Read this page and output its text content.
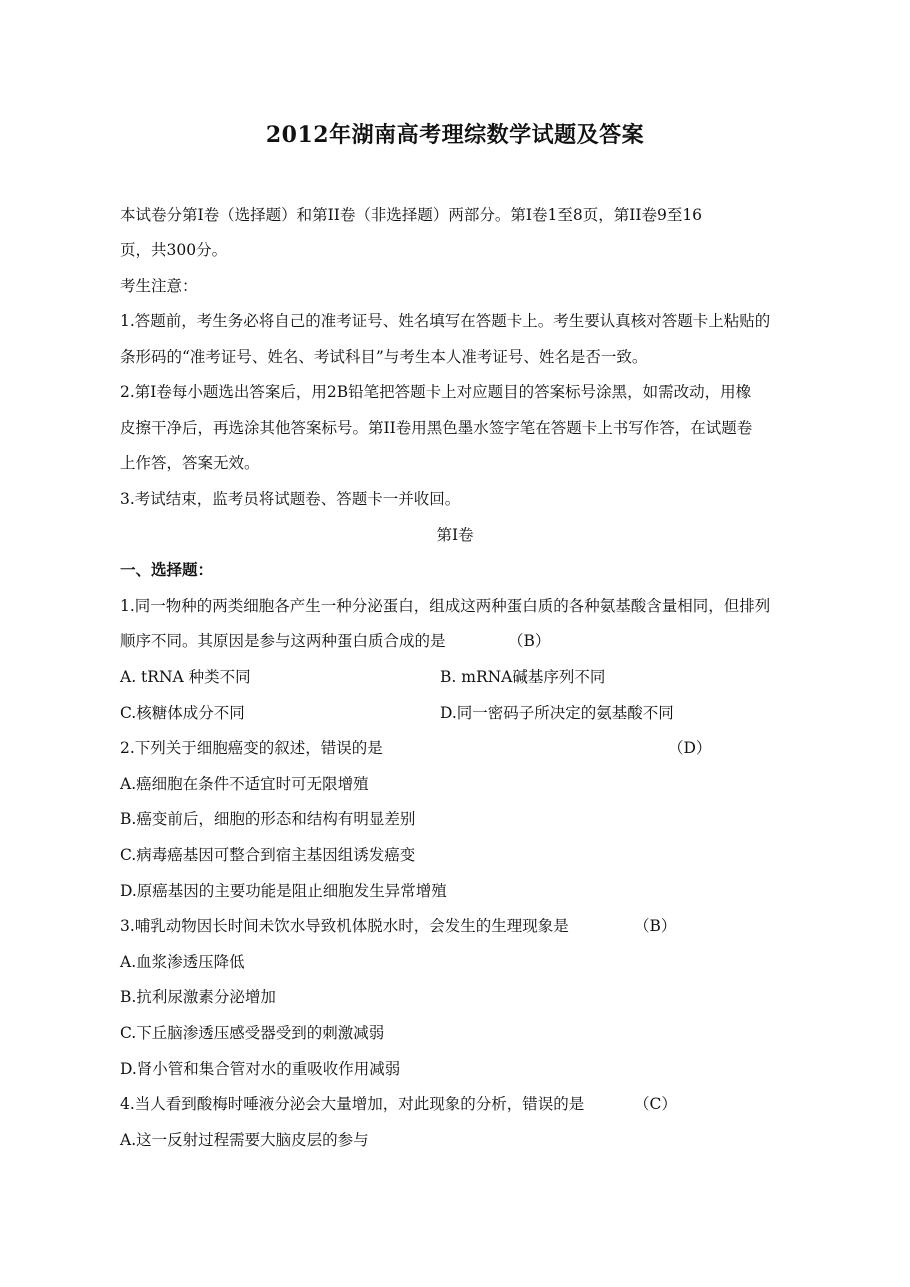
2012年湖南高考理综数学试题及答案
本试卷分第Ⅰ卷（选择题）和第II卷（非选择题）两部分。第Ⅰ卷1至8页，第II卷9至16
页，共300分。
考生注意：
1.答题前，考生务必将自己的准考证号、姓名填写在答题卡上。考生要认真核对答题卡上粘贴的
条形码的“准考证号、姓名、考试科目”与考生本人准考证号、姓名是否一致。
2.第Ⅰ卷每小题选出答案后，用2B铅笔把答题卡上对应题目的答案标号涂黑，如需改动，用橡
皮擦干净后，再选涂其他答案标号。第II卷用黑色墨水签字笔在答题卡上书写作答，在试题卷
上作答，答案无效。
3.考试结束，监考员将试题卷、答题卡一并收回。
第Ⅰ卷
一、选择题：
1.同一物种的两类细胞各产生一种分泌蛋白，组成这两种蛋白质的各种氨基酸含量相同，但排列
顺序不同。其原因是参与这两种蛋白质合成的是	（B）
A. tRNA 种类不同	B. mRNA碱基序列不同
C.核糖体成分不同	D.同一密码子所决定的氨基酸不同
2.下列关于细胞癌变的叙述，错误的是	（D）
A.癌细胞在条件不适宜时可无限增殖
B.癌变前后，细胞的形态和结构有明显差别
C.病毒癌基因可整合到宿主基因组诱发癌变
D.原癌基因的主要功能是阻止细胞发生异常增殖
3.哺乳动物因长时间未饮水导致机体脱水时，会发生的生理现象是	（B）
A.血浆渗透压降低
B.抗利尿激素分泌增加
C.下丘脑渗透压感受器受到的刺激减弱
D.肾小管和集合管对水的重吸收作用减弱
4.当人看到酸梅时唾液分泌会大量增加，对此现象的分析，错误的是	（C）
A.这一反射过程需要大脑皮层的参与
